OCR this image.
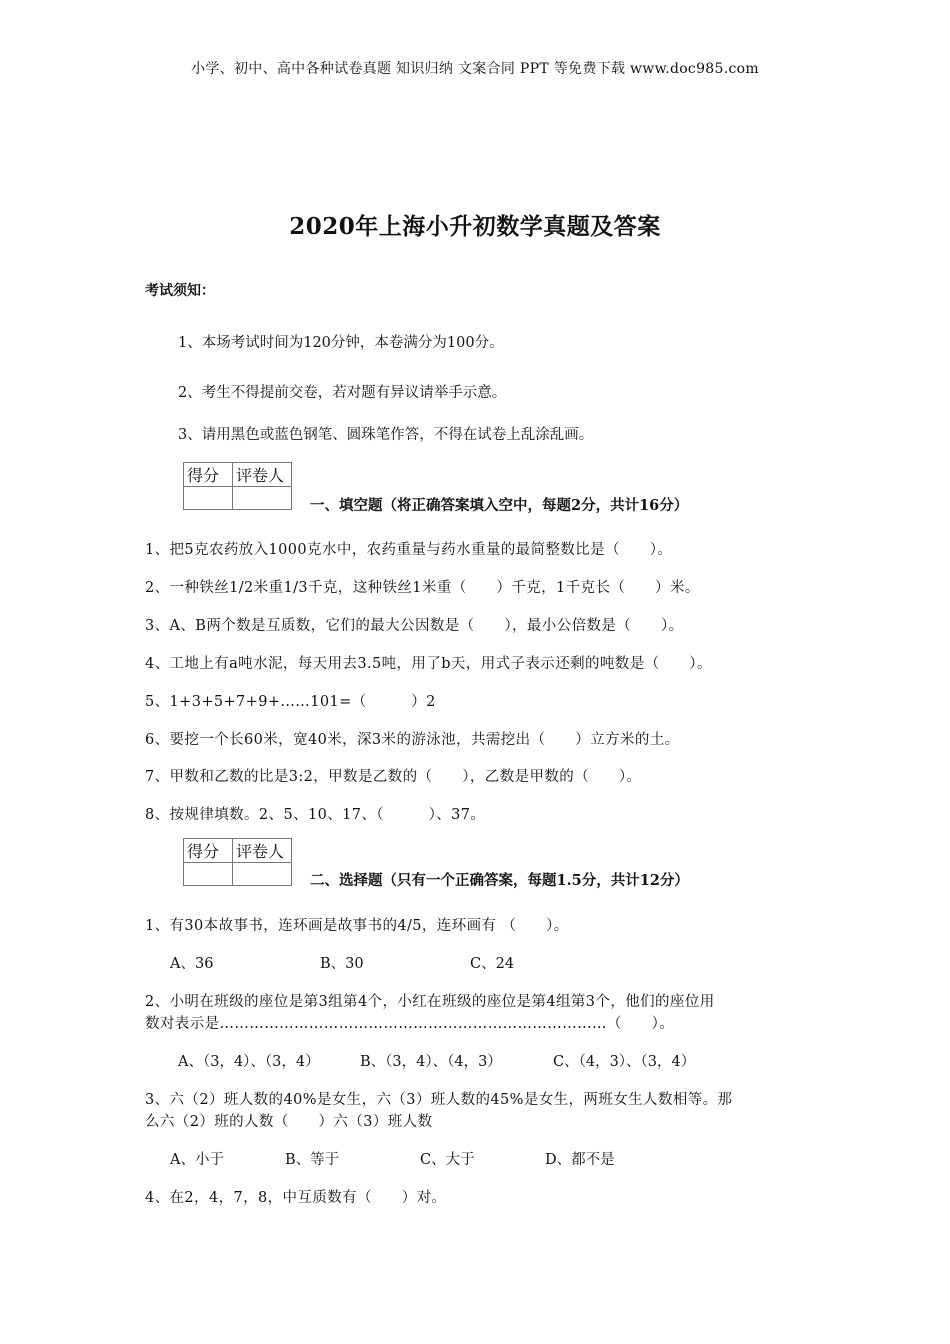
小学、初中、高中各种试卷真题 知识归纳 文案合同 PPT 等免费下载 www.doc985.com
2020年上海小升初数学真题及答案
考试须知：
1、本场考试时间为120分钟，本卷满分为100分。
2、考生不得提前交卷，若对题有异议请举手示意。
3、请用黑色或蓝色钢笔、圆珠笔作答，不得在试卷上乱涂乱画。
得分	评卷人

一、填空题（将正确答案填入空中，每题2分，共计16分）
1、把5克农药放入1000克水中，农药重量与药水重量的最简整数比是（　　）。
2、一种铁丝1/2米重1/3千克，这种铁丝1米重（　　）千克，1千克长（　　）米。
3、A、B两个数是互质数，它们的最大公因数是（　　），最小公倍数是（　　）。
4、工地上有a吨水泥，每天用去3.5吨，用了b天，用式子表示还剩的吨数是（　　）。
5、1+3+5+7+9+……101=（　　　）2
6、要挖一个长60米，宽40米，深3米的游泳池，共需挖出（　　）立方米的土。
7、甲数和乙数的比是3:2，甲数是乙数的（　　），乙数是甲数的（　　）。
8、按规律填数。2、5、10、17、（　　　）、37。
得分	评卷人

二、选择题（只有一个正确答案，每题1.5分，共计12分）
1、有30本故事书，连环画是故事书的4/5，连环画有 （　　）。
A、36	B、30	C、24
2、小明在班级的座位是第3组第4个，小红在班级的座位是第4组第3个，他们的座位用
数对表示是……………………………………………………………………（　　）。
A、（3，4）、（3，4）	B、（3，4）、（4，3）	C、（4，3）、（3，4）
3、六（2）班人数的40%是女生，六（3）班人数的45%是女生，两班女生人数相等。那
么六（2）班的人数（　　）六（3）班人数
A、小于	B、等于	C、大于	D、都不是
4、在2，4，7，8，中互质数有（　　）对。
